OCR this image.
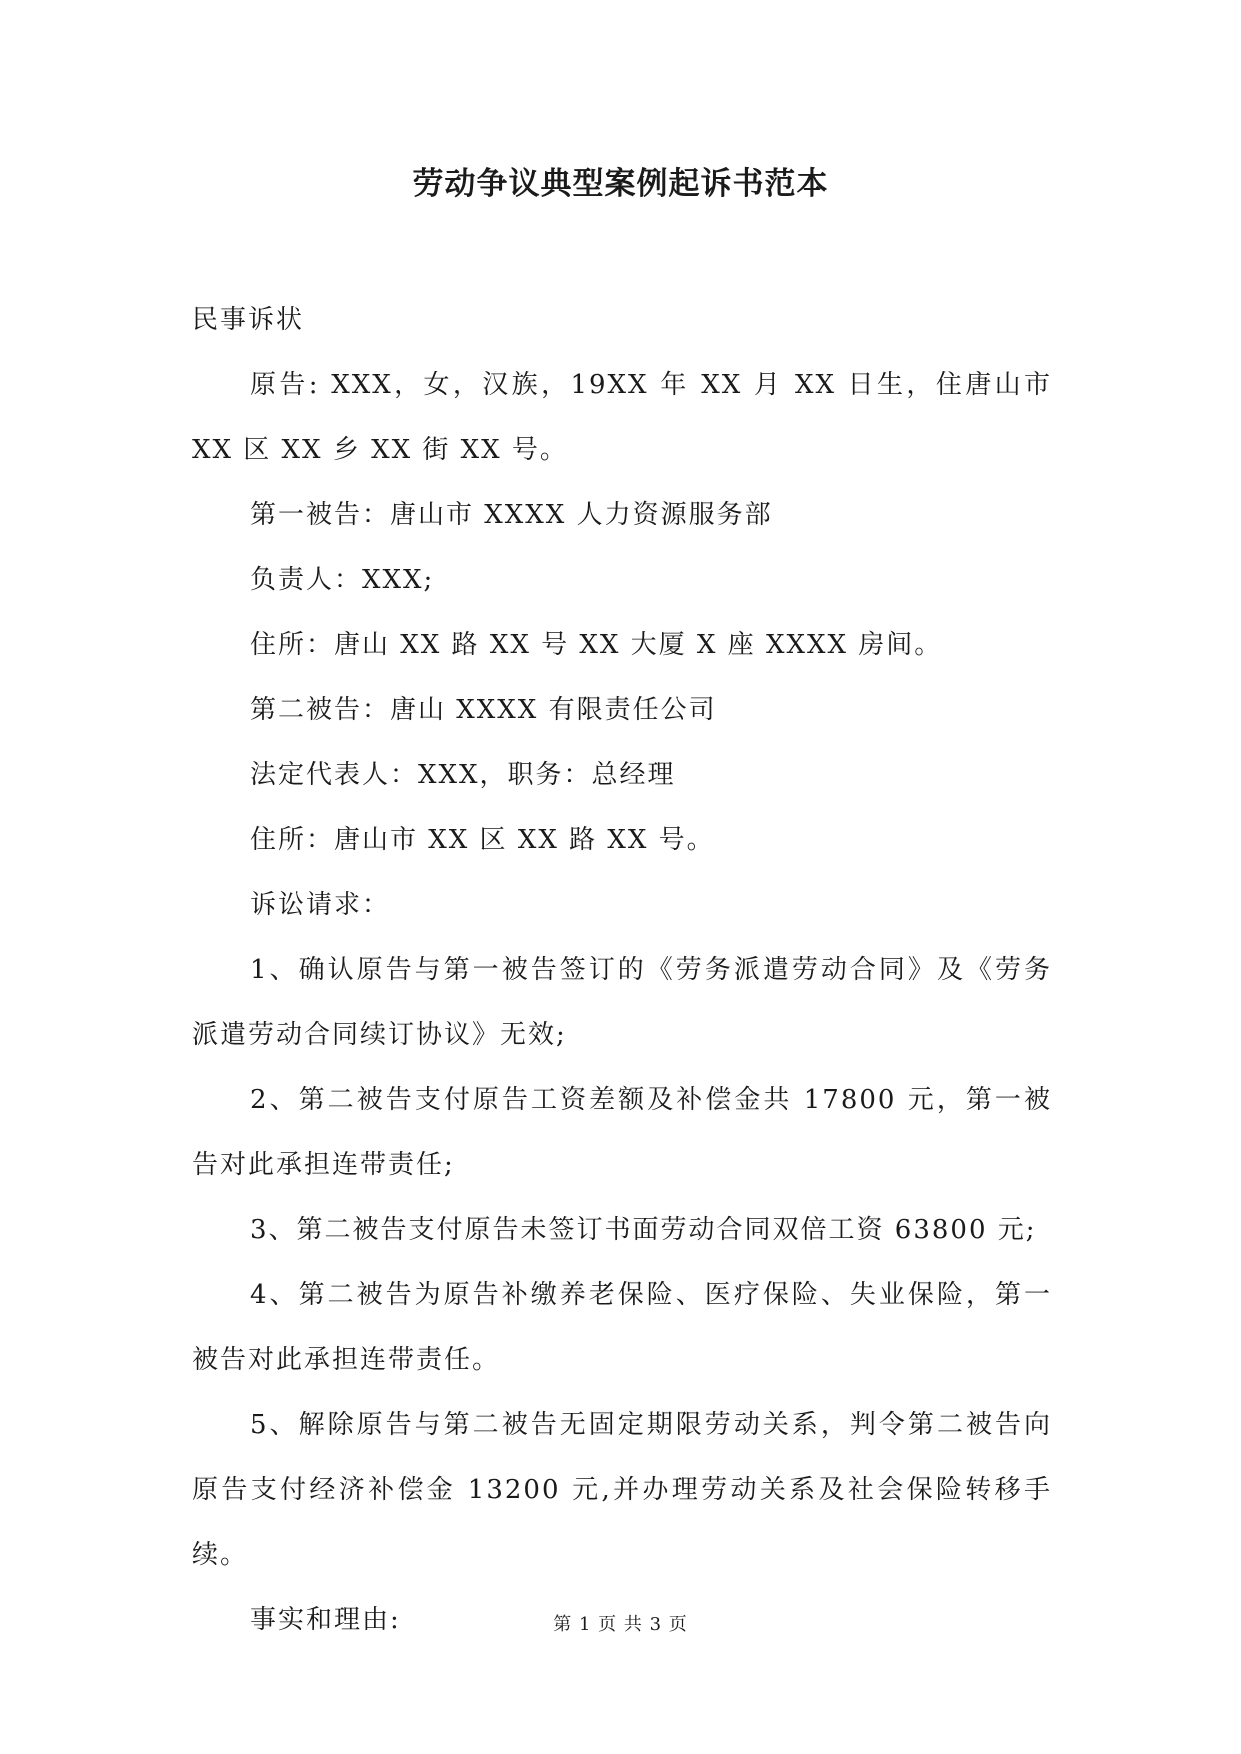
劳动争议典型案例起诉书范本

民事诉状

原告: XXX，女，汉族，19XX 年 XX 月 XX 日生，住唐山市 XX 区 XX 乡 XX 街 XX 号。

第一被告：唐山市 XXXX 人力资源服务部

负责人：XXX;

住所：唐山 XX 路 XX 号 XX 大厦 X 座 XXXX 房间。

第二被告：唐山 XXXX 有限责任公司

法定代表人：XXX，职务：总经理

住所：唐山市 XX 区 XX 路 XX 号。

诉讼请求：

1、确认原告与第一被告签订的《劳务派遣劳动合同》及《劳务派遣劳动合同续订协议》无效;

2、第二被告支付原告工资差额及补偿金共 17800 元，第一被告对此承担连带责任;

3、第二被告支付原告未签订书面劳动合同双倍工资 63800 元;

4、第二被告为原告补缴养老保险、医疗保险、失业保险，第一被告对此承担连带责任。

5、解除原告与第二被告无固定期限劳动关系，判令第二被告向原告支付经济补偿金 13200 元,并办理劳动关系及社会保险转移手续。

事实和理由:	第 1 页 共 3 页
